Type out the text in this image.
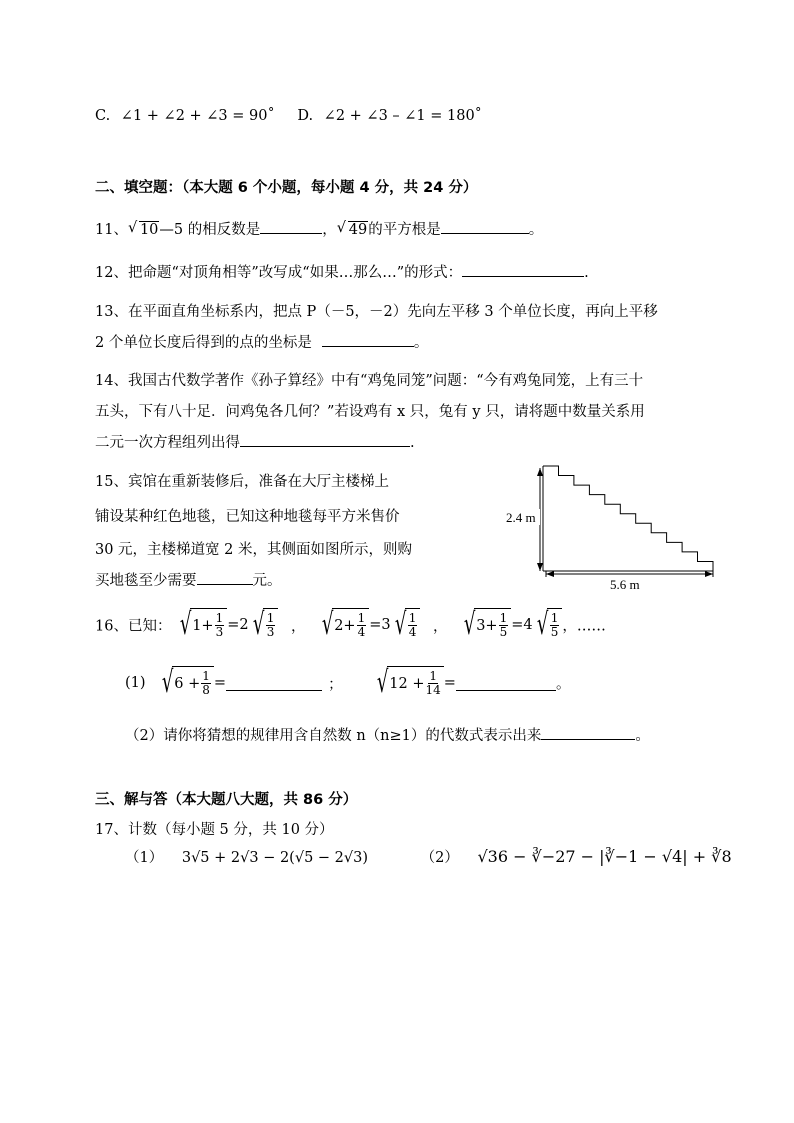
C. ∠1 + ∠2 + ∠3 = 90˚ D. ∠2 + ∠3 – ∠1 = 180˚
二、填空题：（本大题 6 个小题，每小题 4 分，共 24 分）
11、 √ 10—5 的相反数是	， √ 49的平方根是	。
12、把命题“对顶角相等”改写成“如果…那么…”的形式：	.
13、在平面直角坐标系内，把点 P（－5，－2）先向左平移 3 个单位长度，再向上平移
2 个单位长度后得到的点的坐标是	。
14、我国古代数学著作《孙子算经》中有“鸡兔同笼”问题：“今有鸡兔同笼，上有三十
五头，下有八十足．问鸡兔各几何？”若设鸡有 x 只，兔有 y 只，请将题中数量关系用
二元一次方程组列出得	.
15、宾馆在重新装修后，准备在大厅主楼梯上
铺设某种红色地毯，已知这种地毯每平方米售价
30 元，主楼梯道宽 2 米，其侧面如图所示，则购
买地毯至少需要	元。
2.4 m
5.6 m
16、已知： √ $1+ \frac{1}{3} =2$ √ $\frac{1}{3}$ ， √ $2+ \frac{1}{4} =3$ √ $\frac{1}{4}$ ， √ $3+ \frac{1}{5} =4$ √ $\frac{1}{5}$ ，……
(1) √ $6 + \frac{1}{8}$ =	； √ $12 + \frac{1}{14}$ =	。
（2）请你将猜想的规律用含自然数 n（n≥1）的代数式表示出来	。
三、解与答（本大题八大题，共 86 分）
17、计数（每小题 5 分，共 10 分）
（1） 3√5 + 2√3 − 2(√5 − 2√3)	（2） √36 − ∛−27 − |∛−1 − √4| + ∛8
